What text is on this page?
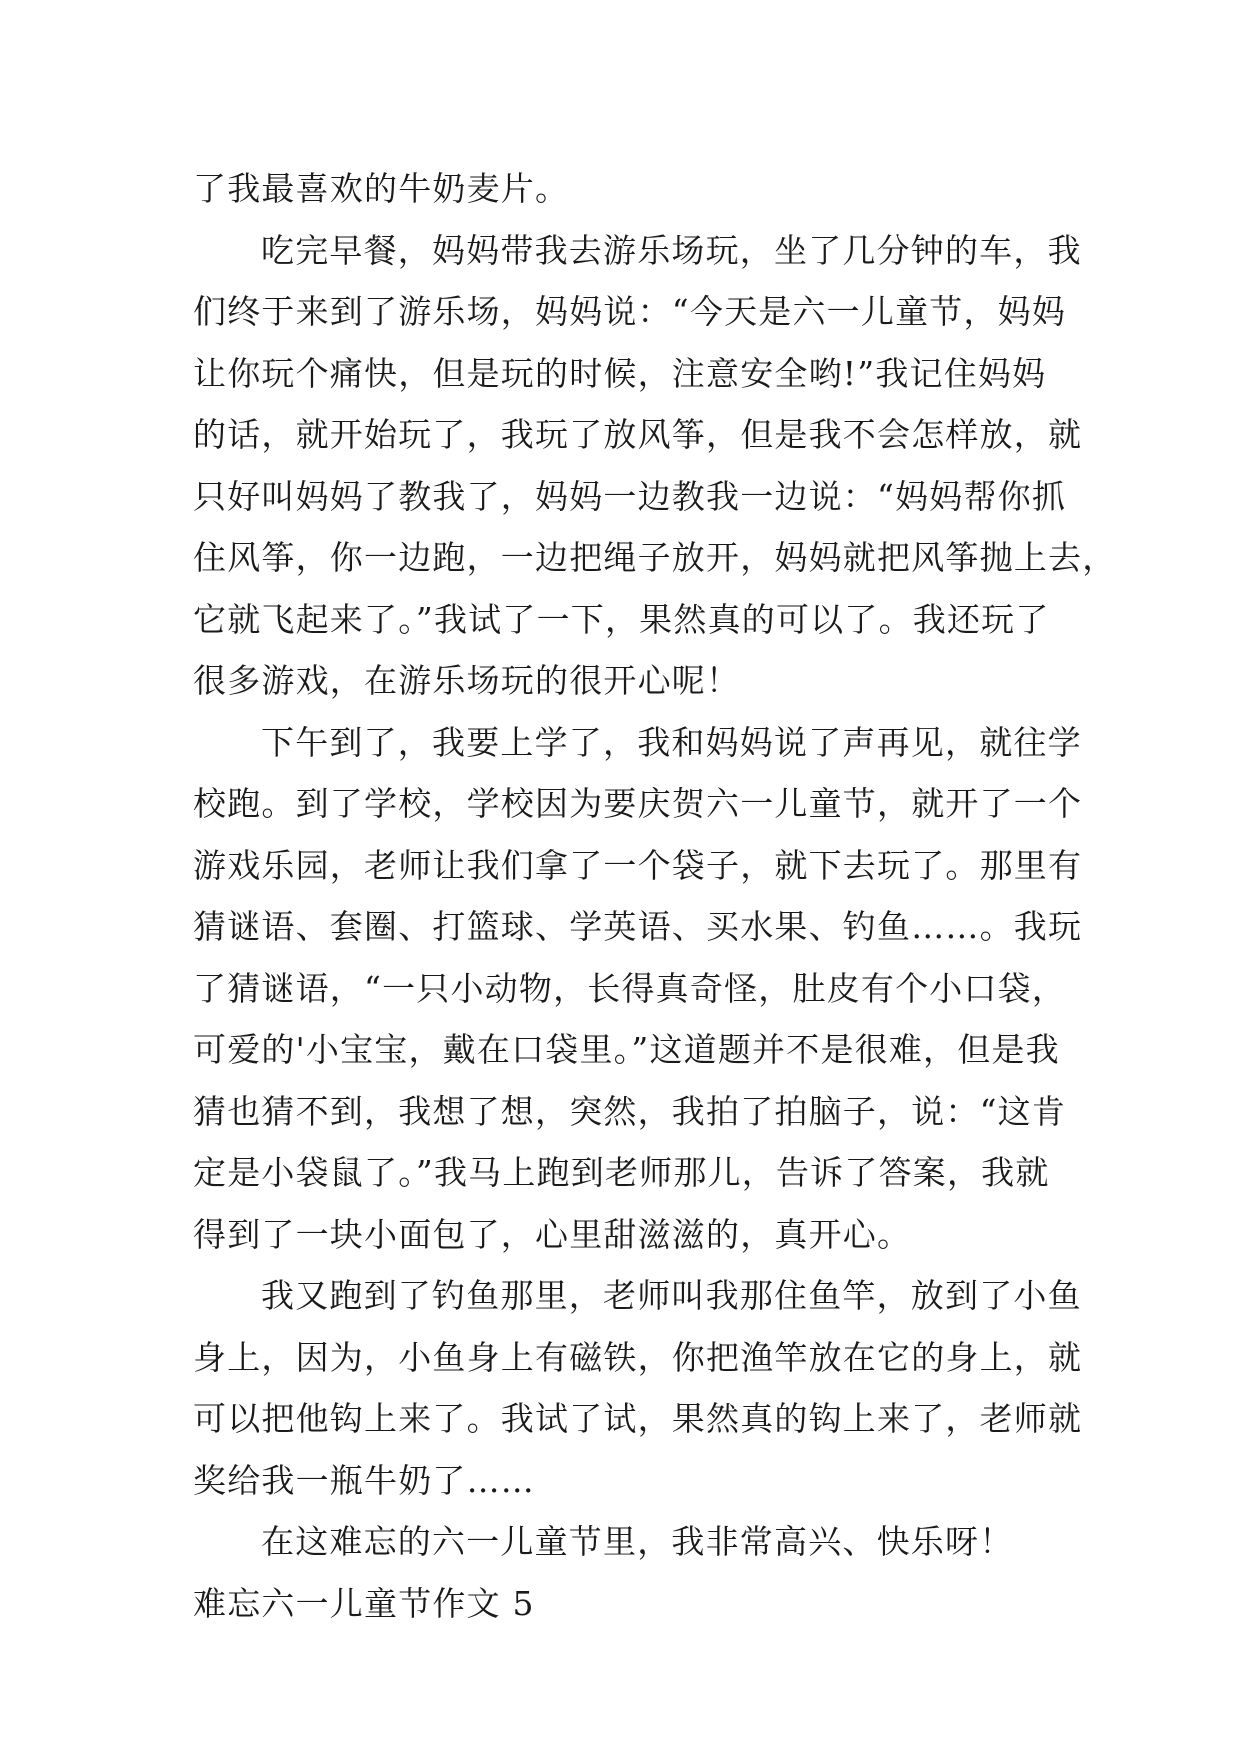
了我最喜欢的牛奶麦片。
吃完早餐，妈妈带我去游乐场玩，坐了几分钟的车，我
们终于来到了游乐场，妈妈说：“今天是六一儿童节，妈妈
让你玩个痛快，但是玩的时候，注意安全哟!”我记住妈妈
的话，就开始玩了，我玩了放风筝，但是我不会怎样放，就
只好叫妈妈了教我了，妈妈一边教我一边说：“妈妈帮你抓
住风筝，你一边跑，一边把绳子放开，妈妈就把风筝抛上去，
它就飞起来了。”我试了一下，果然真的可以了。我还玩了
很多游戏，在游乐场玩的很开心呢！
下午到了，我要上学了，我和妈妈说了声再见，就往学
校跑。到了学校，学校因为要庆贺六一儿童节，就开了一个
游戏乐园，老师让我们拿了一个袋子，就下去玩了。那里有
猜谜语、套圈、打篮球、学英语、买水果、钓鱼……。我玩
了猜谜语，“一只小动物，长得真奇怪，肚皮有个小口袋，
可爱的'小宝宝，戴在口袋里。”这道题并不是很难，但是我
猜也猜不到，我想了想，突然，我拍了拍脑子，说：“这肯
定是小袋鼠了。”我马上跑到老师那儿，告诉了答案，我就
得到了一块小面包了，心里甜滋滋的，真开心。
我又跑到了钓鱼那里，老师叫我那住鱼竿，放到了小鱼
身上，因为，小鱼身上有磁铁，你把渔竿放在它的身上，就
可以把他钩上来了。我试了试，果然真的钩上来了，老师就
奖给我一瓶牛奶了……
在这难忘的六一儿童节里，我非常高兴、快乐呀！
难忘六一儿童节作文 5
